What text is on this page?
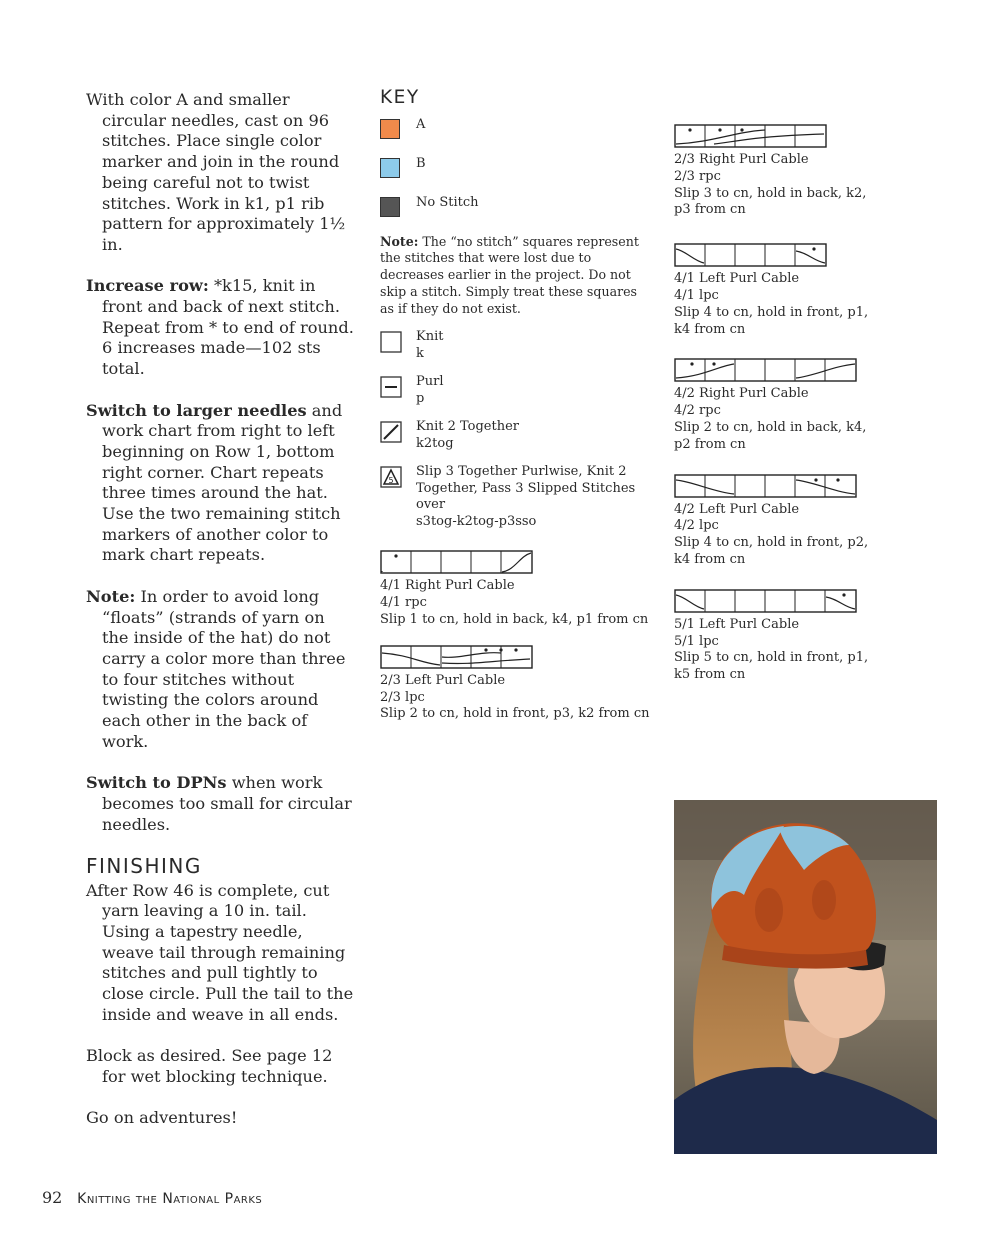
With color A and smaller circular needles, cast on 96 stitches. Place single color marker and join in the round being careful not to twist stitches. Work in k1, p1 rib pattern for approximately 1½ in.

Increase row: *k15, knit in front and back of next stitch. Repeat from * to end of round. 6 increases made—102 sts total.

Switch to larger needles and work chart from right to left beginning on Row 1, bottom right corner. Chart repeats three times around the hat. Use the two remaining stitch markers of another color to mark chart repeats.

Note: In order to avoid long “floats” (strands of yarn on the inside of the hat) do not carry a color more than three to four stitches without twisting the colors around each other in the back of work.

Switch to DPNs when work becomes too small for circular needles.

FINISHING

After Row 46 is complete, cut yarn leaving a 10 in. tail. Using a tapestry needle, weave tail through remaining stitches and pull tightly to close circle. Pull the tail to the inside and weave in all ends.

Block as desired. See page 12 for wet blocking technique.

Go on adventures!

KEY
A
B
No Stitch

Note: The “no stitch” squares represent the stitches that were lost due to decreases earlier in the project. Do not skip a stitch. Simply treat these squares as if they do not exist.

Knit
k
Purl
p
Knit 2 Together
k2tog
5
Slip 3 Together Purlwise, Knit 2 Together, Pass 3 Slipped Stitches over
s3tog-k2tog-p3sso
4/1 Right Purl Cable
4/1 rpc
Slip 1 to cn, hold in back, k4, p1 from cn
2/3 Left Purl Cable
2/3 lpc
Slip 2 to cn, hold in front, p3, k2 from cn
2/3 Right Purl Cable
2/3 rpc
Slip 3 to cn, hold in back, k2, p3 from cn
4/1 Left Purl Cable
4/1 lpc
Slip 4 to cn, hold in front, p1, k4 from cn
4/2 Right Purl Cable
4/2 rpc
Slip 2 to cn, hold in back, k4, p2 from cn
4/2 Left Purl Cable
4/2 lpc
Slip 4 to cn, hold in front, p2, k4 from cn
5/1 Left Purl Cable
5/1 lpc
Slip 5 to cn, hold in front, p1, k5 from cn
92 Knitting the National Parks
